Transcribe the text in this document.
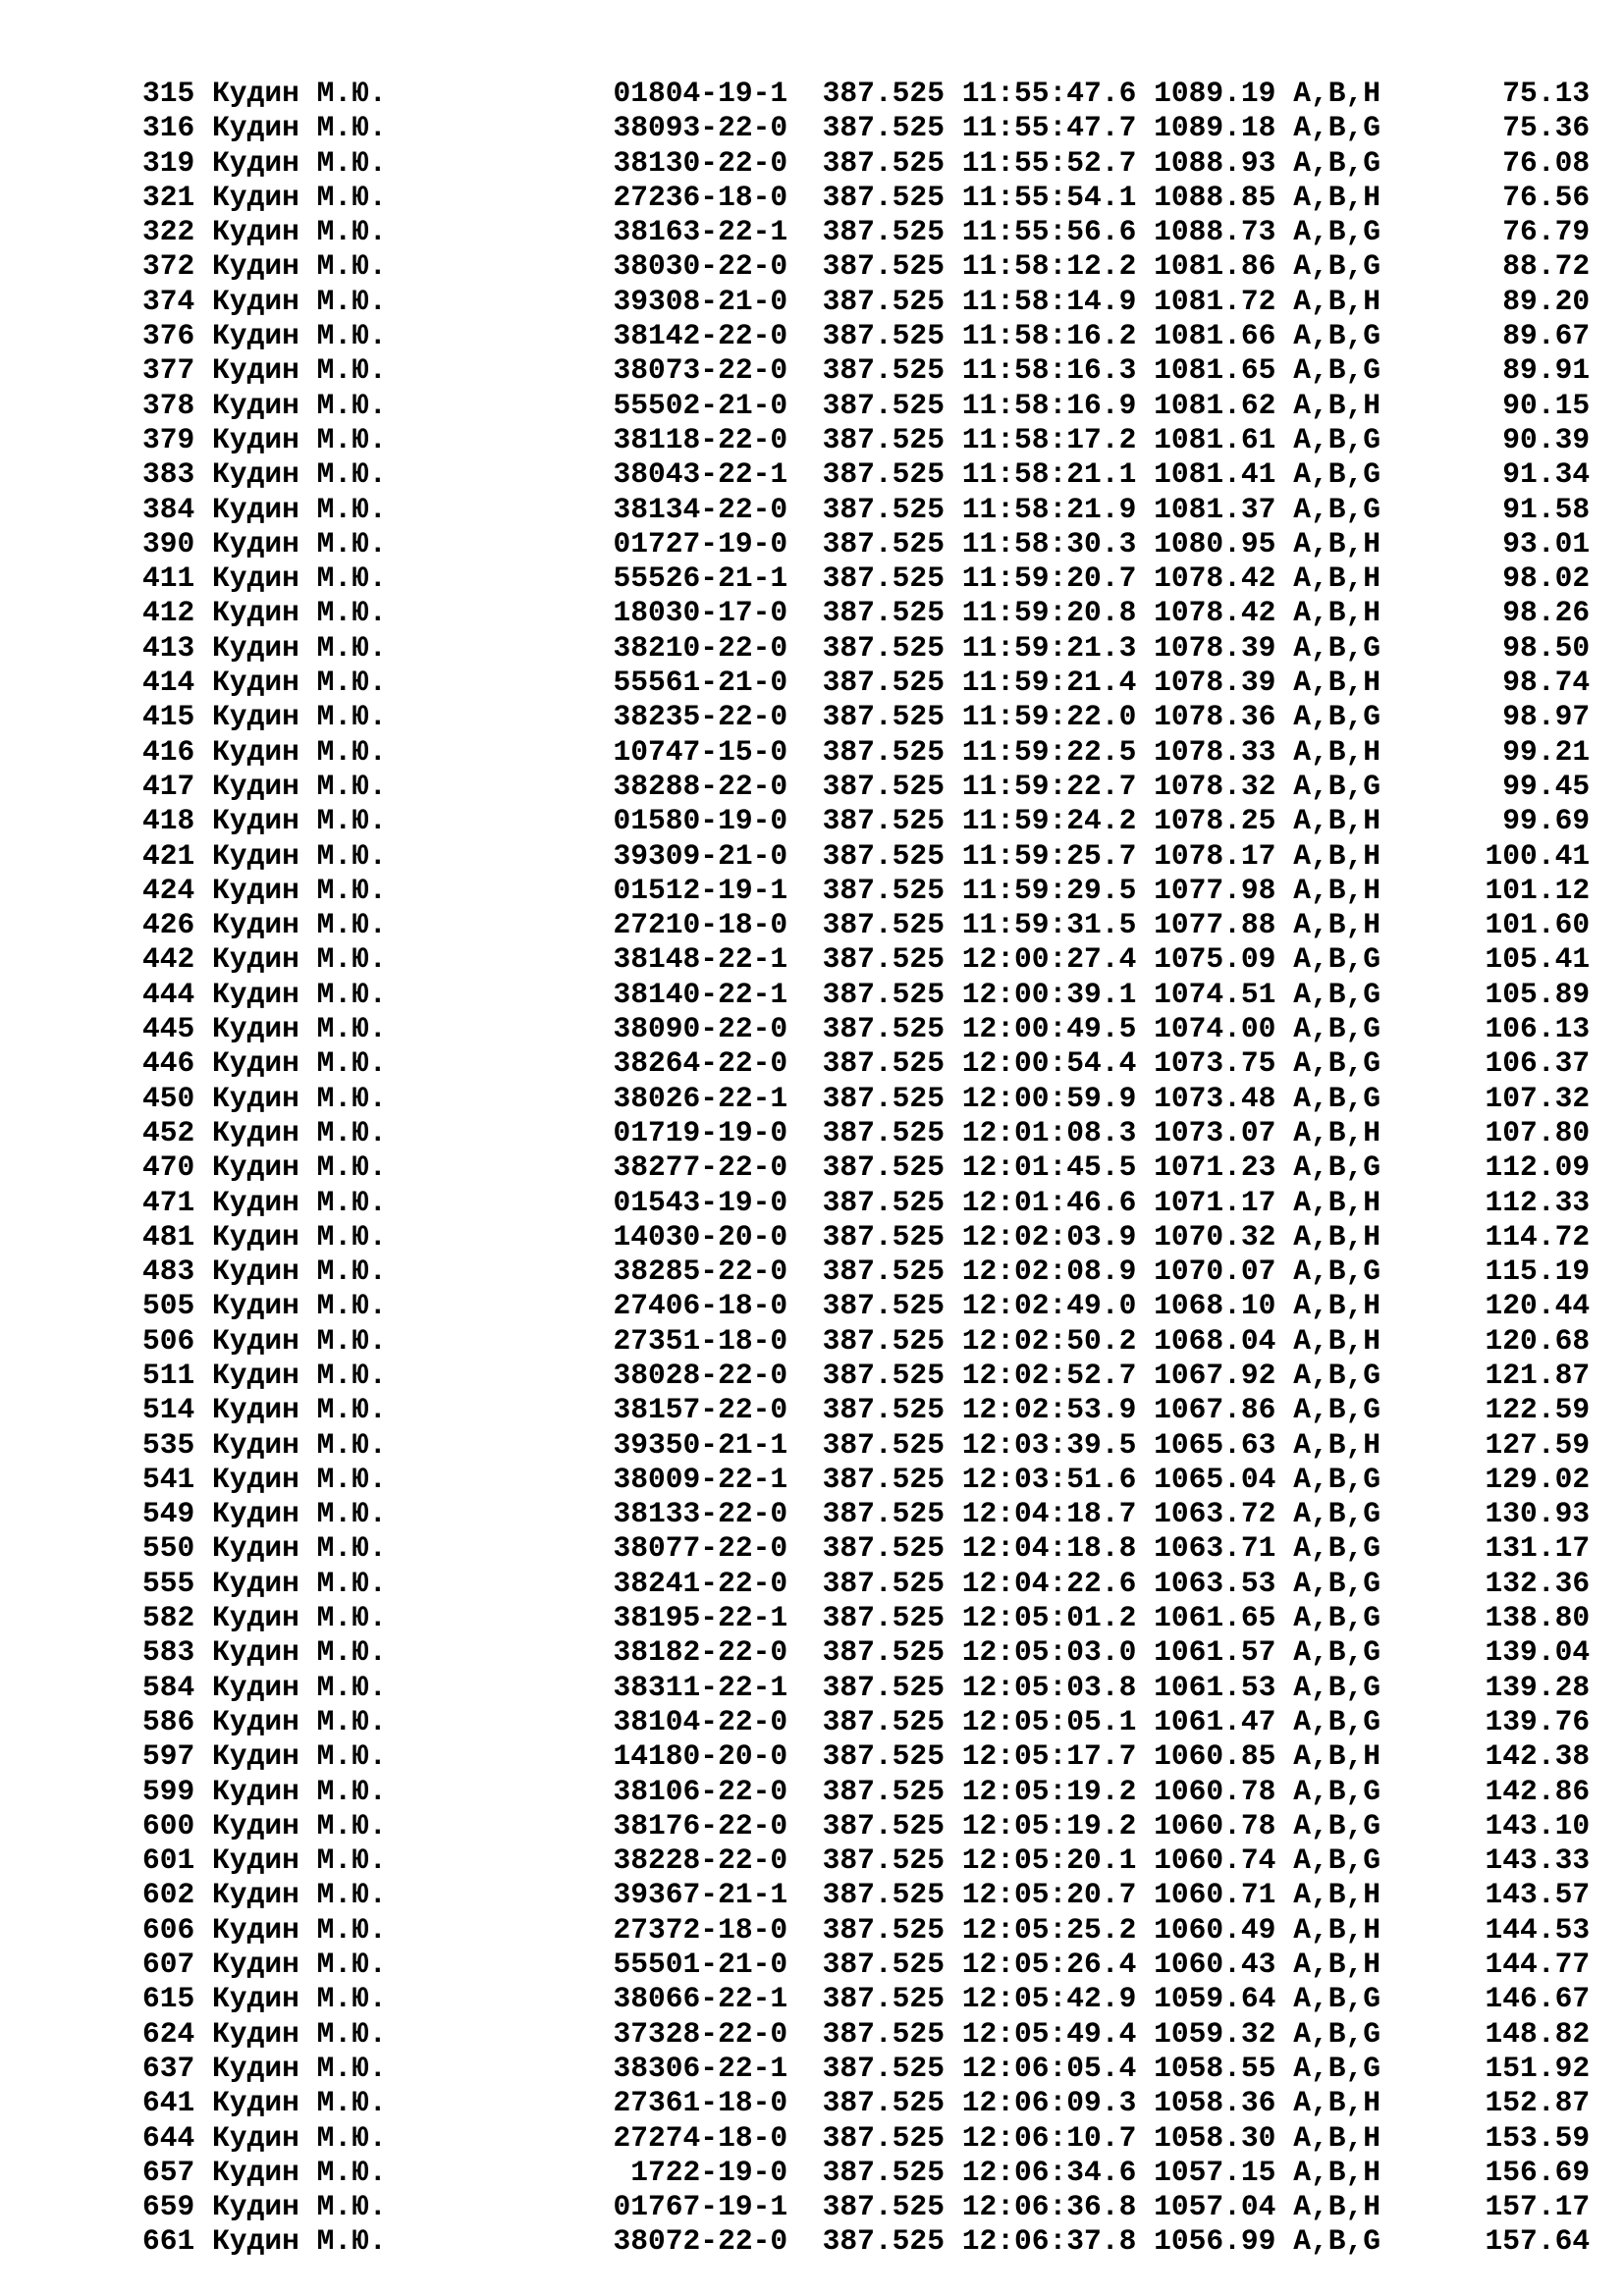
315 Кудин М.Ю.             01804-19-1 387.525 11:55:47.6 1089.19 A,B,H       75.13
316 Кудин М.Ю.             38093-22-0 387.525 11:55:47.7 1089.18 A,B,G       75.36
319 Кудин М.Ю.             38130-22-0 387.525 11:55:52.7 1088.93 A,B,G       76.08
321 Кудин М.Ю.             27236-18-0 387.525 11:55:54.1 1088.85 A,B,H       76.56
322 Кудин М.Ю.             38163-22-1 387.525 11:55:56.6 1088.73 A,B,G       76.79
372 Кудин М.Ю.             38030-22-0 387.525 11:58:12.2 1081.86 A,B,G       88.72
374 Кудин М.Ю.             39308-21-0 387.525 11:58:14.9 1081.72 A,B,H       89.20
376 Кудин М.Ю.             38142-22-0 387.525 11:58:16.2 1081.66 A,B,G       89.67
377 Кудин М.Ю.             38073-22-0 387.525 11:58:16.3 1081.65 A,B,G       89.91
378 Кудин М.Ю.             55502-21-0 387.525 11:58:16.9 1081.62 A,B,H       90.15
379 Кудин М.Ю.             38118-22-0 387.525 11:58:17.2 1081.61 A,B,G       90.39
383 Кудин М.Ю.             38043-22-1 387.525 11:58:21.1 1081.41 A,B,G       91.34
384 Кудин М.Ю.             38134-22-0 387.525 11:58:21.9 1081.37 A,B,G       91.58
390 Кудин М.Ю.             01727-19-0 387.525 11:58:30.3 1080.95 A,B,H       93.01
411 Кудин М.Ю.             55526-21-1 387.525 11:59:20.7 1078.42 A,B,H       98.02
412 Кудин М.Ю.             18030-17-0 387.525 11:59:20.8 1078.42 A,B,H       98.26
413 Кудин М.Ю.             38210-22-0 387.525 11:59:21.3 1078.39 A,B,G       98.50
414 Кудин М.Ю.             55561-21-0 387.525 11:59:21.4 1078.39 A,B,H       98.74
415 Кудин М.Ю.             38235-22-0 387.525 11:59:22.0 1078.36 A,B,G       98.97
416 Кудин М.Ю.             10747-15-0 387.525 11:59:22.5 1078.33 A,B,H       99.21
417 Кудин М.Ю.             38288-22-0 387.525 11:59:22.7 1078.32 A,B,G       99.45
418 Кудин М.Ю.             01580-19-0 387.525 11:59:24.2 1078.25 A,B,H       99.69
421 Кудин М.Ю.             39309-21-0 387.525 11:59:25.7 1078.17 A,B,H      100.41
424 Кудин М.Ю.             01512-19-1 387.525 11:59:29.5 1077.98 A,B,H      101.12
426 Кудин М.Ю.             27210-18-0 387.525 11:59:31.5 1077.88 A,B,H      101.60
442 Кудин М.Ю.             38148-22-1 387.525 12:00:27.4 1075.09 A,B,G      105.41
444 Кудин М.Ю.             38140-22-1 387.525 12:00:39.1 1074.51 A,B,G      105.89
445 Кудин М.Ю.             38090-22-0 387.525 12:00:49.5 1074.00 A,B,G      106.13
446 Кудин М.Ю.             38264-22-0 387.525 12:00:54.4 1073.75 A,B,G      106.37
450 Кудин М.Ю.             38026-22-1 387.525 12:00:59.9 1073.48 A,B,G      107.32
452 Кудин М.Ю.             01719-19-0 387.525 12:01:08.3 1073.07 A,B,H      107.80
470 Кудин М.Ю.             38277-22-0 387.525 12:01:45.5 1071.23 A,B,G      112.09
471 Кудин М.Ю.             01543-19-0 387.525 12:01:46.6 1071.17 A,B,H      112.33
481 Кудин М.Ю.             14030-20-0 387.525 12:02:03.9 1070.32 A,B,H      114.72
483 Кудин М.Ю.             38285-22-0 387.525 12:02:08.9 1070.07 A,B,G      115.19
505 Кудин М.Ю.             27406-18-0 387.525 12:02:49.0 1068.10 A,B,H      120.44
506 Кудин М.Ю.             27351-18-0 387.525 12:02:50.2 1068.04 A,B,H      120.68
511 Кудин М.Ю.             38028-22-0 387.525 12:02:52.7 1067.92 A,B,G      121.87
514 Кудин М.Ю.             38157-22-0 387.525 12:02:53.9 1067.86 A,B,G      122.59
535 Кудин М.Ю.             39350-21-1 387.525 12:03:39.5 1065.63 A,B,H      127.59
541 Кудин М.Ю.             38009-22-1 387.525 12:03:51.6 1065.04 A,B,G      129.02
549 Кудин М.Ю.             38133-22-0 387.525 12:04:18.7 1063.72 A,B,G      130.93
550 Кудин М.Ю.             38077-22-0 387.525 12:04:18.8 1063.71 A,B,G      131.17
555 Кудин М.Ю.             38241-22-0 387.525 12:04:22.6 1063.53 A,B,G      132.36
582 Кудин М.Ю.             38195-22-1 387.525 12:05:01.2 1061.65 A,B,G      138.80
583 Кудин М.Ю.             38182-22-0 387.525 12:05:03.0 1061.57 A,B,G      139.04
584 Кудин М.Ю.             38311-22-1 387.525 12:05:03.8 1061.53 A,B,G      139.28
586 Кудин М.Ю.             38104-22-0 387.525 12:05:05.1 1061.47 A,B,G      139.76
597 Кудин М.Ю.             14180-20-0 387.525 12:05:17.7 1060.85 A,B,H      142.38
599 Кудин М.Ю.             38106-22-0 387.525 12:05:19.2 1060.78 A,B,G      142.86
600 Кудин М.Ю.             38176-22-0 387.525 12:05:19.2 1060.78 A,B,G      143.10
601 Кудин М.Ю.             38228-22-0 387.525 12:05:20.1 1060.74 A,B,G      143.33
602 Кудин М.Ю.             39367-21-1 387.525 12:05:20.7 1060.71 A,B,H      143.57
606 Кудин М.Ю.             27372-18-0 387.525 12:05:25.2 1060.49 A,B,H      144.53
607 Кудин М.Ю.             55501-21-0 387.525 12:05:26.4 1060.43 A,B,H      144.77
615 Кудин М.Ю.             38066-22-1 387.525 12:05:42.9 1059.64 A,B,G      146.67
624 Кудин М.Ю.             37328-22-0 387.525 12:05:49.4 1059.32 A,B,G      148.82
637 Кудин М.Ю.             38306-22-1 387.525 12:06:05.4 1058.55 A,B,G      151.92
641 Кудин М.Ю.             27361-18-0 387.525 12:06:09.3 1058.36 A,B,H      152.87
644 Кудин М.Ю.             27274-18-0 387.525 12:06:10.7 1058.30 A,B,H      153.59
657 Кудин М.Ю.              1722-19-0 387.525 12:06:34.6 1057.15 A,B,H      156.69
659 Кудин М.Ю.             01767-19-1 387.525 12:06:36.8 1057.04 A,B,H      157.17
661 Кудин М.Ю.             38072-22-0 387.525 12:06:37.8 1056.99 A,B,G      157.64
